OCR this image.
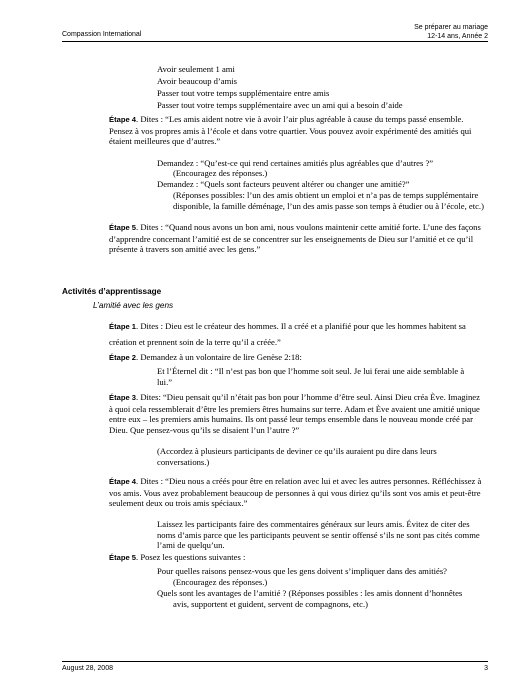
Compassion International
Se préparer au mariage
12-14 ans, Année 2
Avoir seulement 1 ami
Avoir beaucoup d’amis
Passer tout votre temps supplémentaire entre amis
Passer tout votre temps supplémentaire avec un ami qui a besoin d’aide
Étape 4. Dites : “Les amis aident notre vie à avoir l’air plus agréable à cause du temps passé ensemble. Pensez à vos propres amis à l’école et dans votre quartier. Vous pouvez avoir expérimenté des amitiés qui étaient meilleures que d’autres.”
Demandez : “Qu’est-ce qui rend certaines amitiés plus agréables que d’autres ?”
(Encouragez des réponses.)
Demandez : “Quels sont facteurs peuvent altérer ou changer une amitié?”
(Réponses possibles: l’un des amis obtient un emploi et n’a pas de temps supplémentaire disponible, la famille déménage, l’un des amis passe son temps à étudier ou à l’école, etc.)
Étape 5. Dites : “Quand nous avons un bon ami, nous voulons maintenir cette amitié forte. L’une des façons d’apprendre concernant l’amitié est de se concentrer sur les enseignements de Dieu sur l’amitié et ce qu’il présente à travers son amitié avec les gens.”
Activités d’apprentissage
L’amitié avec les gens
Étape 1. Dites : Dieu est le créateur des hommes. Il a créé et a planifié pour que les hommes habitent sa création et prennent soin de la terre qu’il a créée.”
Étape 2. Demandez à un volontaire de lire Genèse 2:18:
Et l’Éternel dit : “Il n’est pas bon que l’homme soit seul. Je lui ferai une aide semblable à lui.”
Étape 3. Dites: “Dieu pensait qu’il n’était pas bon pour l’homme d’être seul. Ainsi Dieu créa Ève. Imaginez à quoi cela ressemblerait d’être les premiers êtres humains sur terre. Adam et Ève avaient une amitié unique entre eux – les premiers amis humains. Ils ont passé leur temps ensemble dans le nouveau monde créé par Dieu. Que pensez-vous qu’ils se disaient l’un l’autre ?”
(Accordez à plusieurs participants de deviner ce qu’ils auraient pu dire dans leurs conversations.)
Étape 4. Dites : “Dieu nous a créés pour être en relation avec lui et avec les autres personnes. Réfléchissez à vos amis. Vous avez probablement beaucoup de personnes à qui vous diriez qu’ils sont vos amis et peut-être seulement deux ou trois amis spéciaux.”
Laissez les participants faire des commentaires généraux sur leurs amis. Évitez de citer des noms d’amis parce que les participants peuvent se sentir offensé s’ils ne sont pas cités comme l’ami de quelqu’un.
Étape 5. Posez les questions suivantes :
Pour quelles raisons pensez-vous que les gens doivent s’impliquer dans des amitiés?
(Encouragez des réponses.)
Quels sont les avantages de l’amitié ? (Réponses possibles : les amis donnent d’honnêtes avis, supportent et guident, servent de compagnons, etc.)
August 28, 2008	3
